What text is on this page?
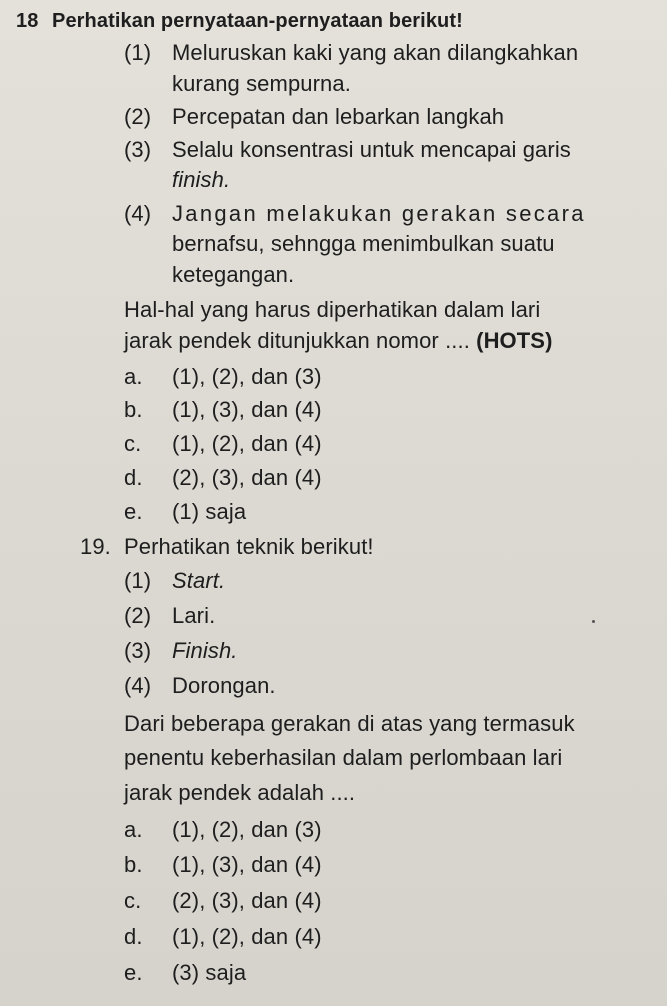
18 Perhatikan pernyataan-pernyataan berikut!
(1) Meluruskan kaki yang akan dilangkahkan
kurang sempurna.
(2) Percepatan dan lebarkan langkah
(3) Selalu konsentrasi untuk mencapai garis
finish.
(4) Jangan melakukan gerakan secara
bernafsu, sehngga menimbulkan suatu
ketegangan.
Hal-hal yang harus diperhatikan dalam lari
jarak pendek ditunjukkan nomor .... (HOTS)
a. (1), (2), dan (3)
b. (1), (3), dan (4)
c. (1), (2), dan (4)
d. (2), (3), dan (4)
e. (1) saja
19. Perhatikan teknik berikut!
(1) Start.
(2) Lari.
(3) Finish.
(4) Dorongan.
Dari beberapa gerakan di atas yang termasuk
penentu keberhasilan dalam perlombaan lari
jarak pendek adalah ....
a. (1), (2), dan (3)
b. (1), (3), dan (4)
c. (2), (3), dan (4)
d. (1), (2), dan (4)
e. (3) saja
